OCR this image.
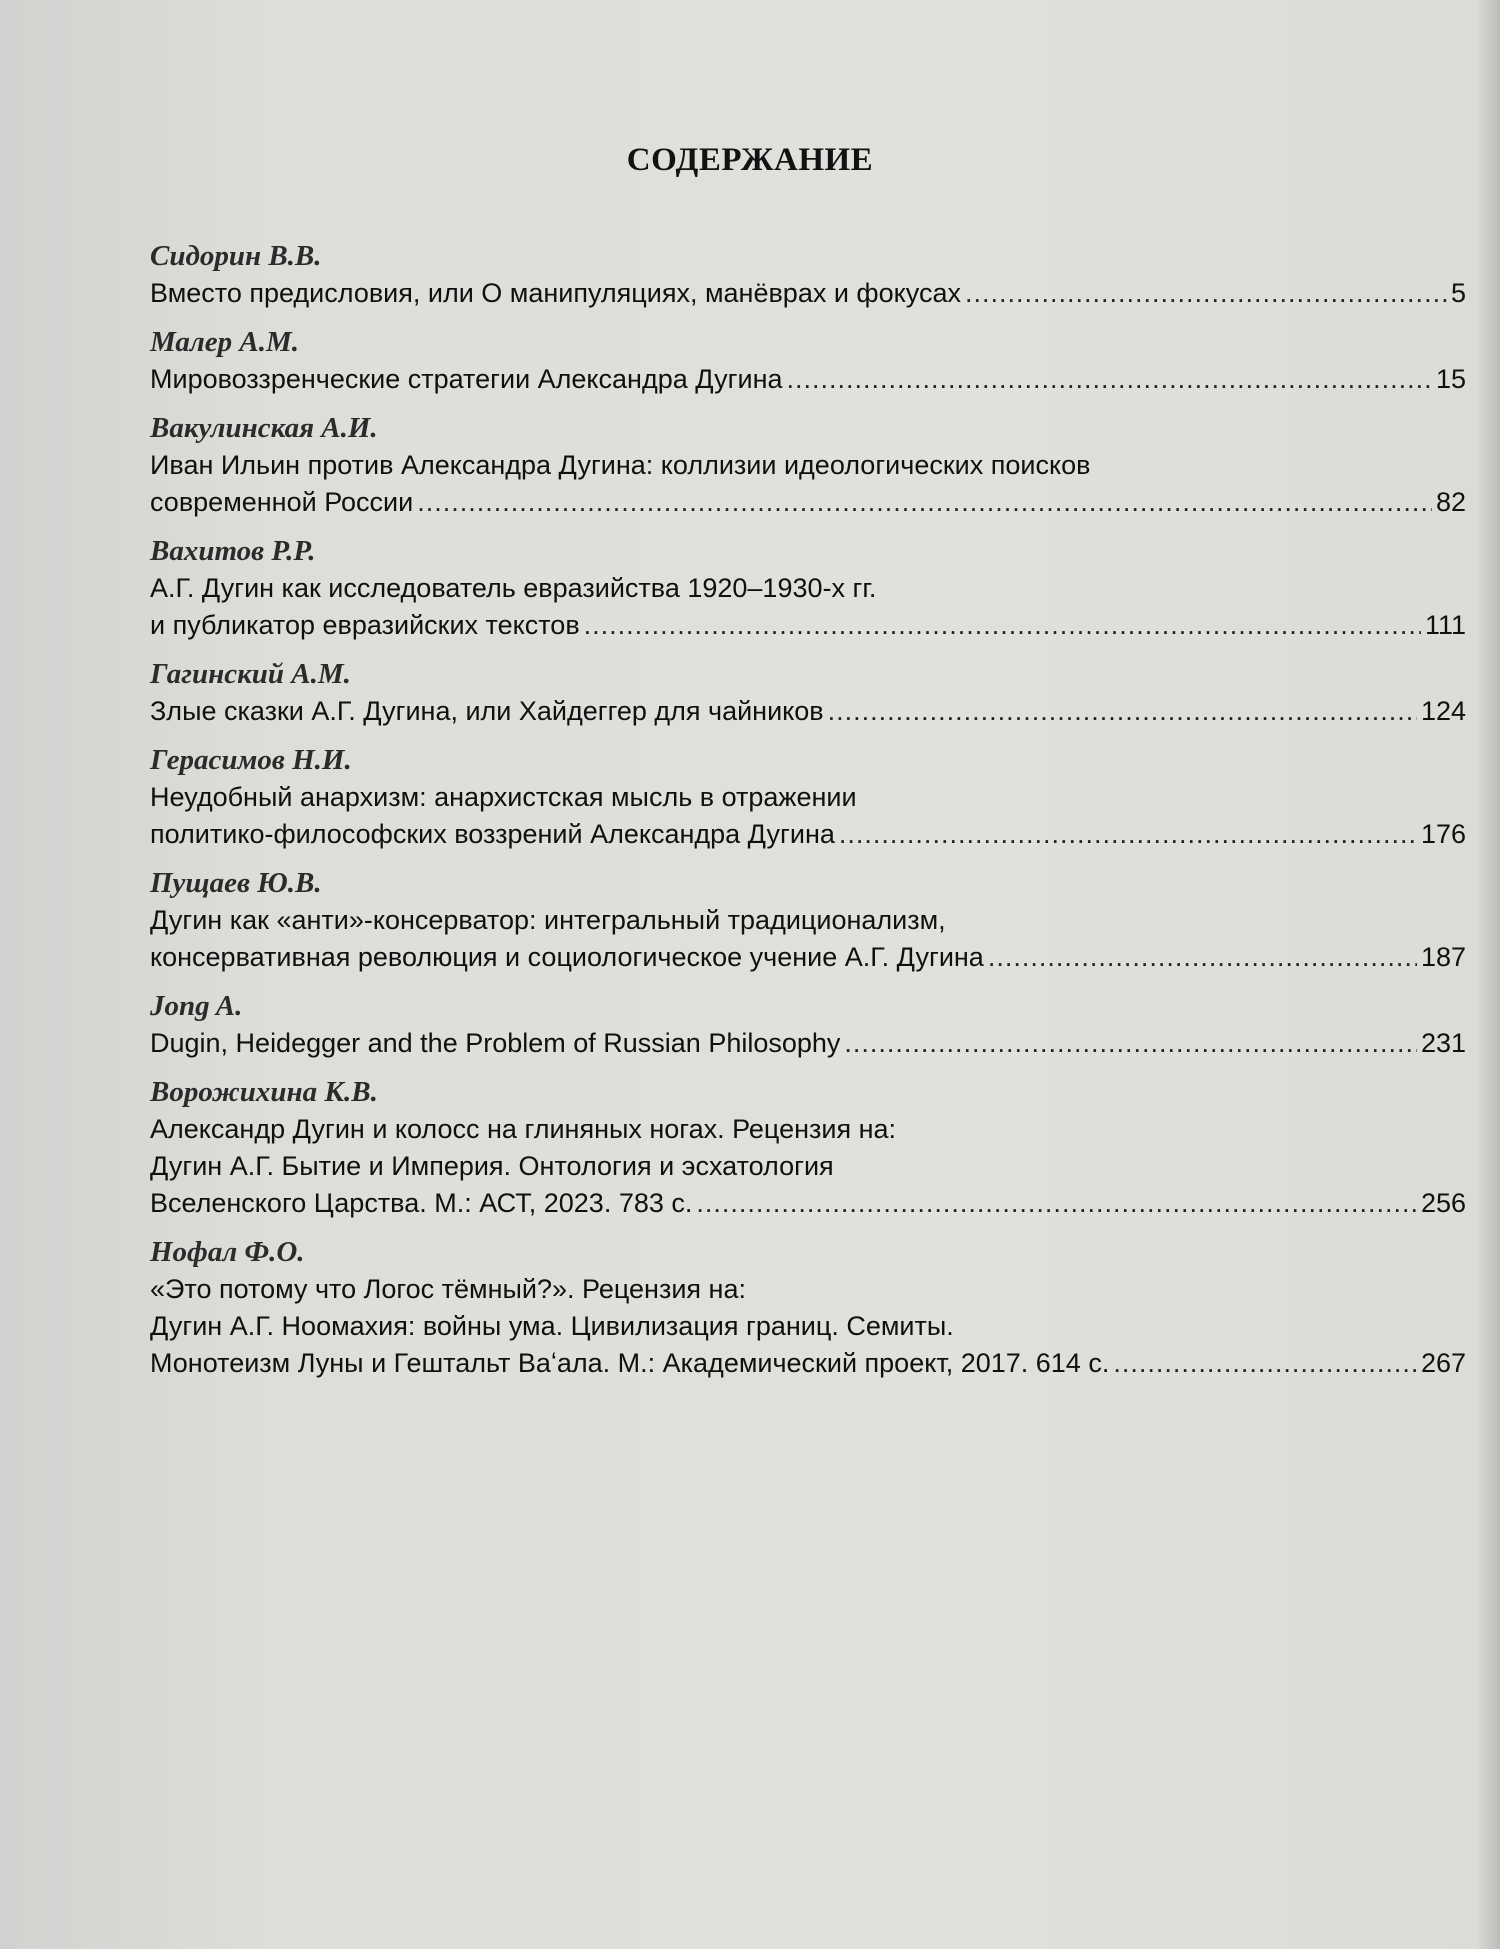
СОДЕРЖАНИЕ
Сидорин В.В.
Вместо предисловия, или О манипуляциях, манёврах и фокусах .....	5
Малер А.М.
Мировоззренческие стратегии Александра Дугина .....	15
Вакулинская А.И.
Иван Ильин против Александра Дугина: коллизии идеологических поисков
современной России .....	82
Вахитов Р.Р.
А.Г. Дугин как исследователь евразийства 1920–1930-х гг.
и публикатор евразийских текстов .....	111
Гагинский А.М.
Злые сказки А.Г. Дугина, или Хайдеггер для чайников .....	124
Герасимов Н.И.
Неудобный анархизм: анархистская мысль в отражении
политико-философских воззрений Александра Дугина .....	176
Пущаев Ю.В.
Дугин как «анти»-консерватор: интегральный традиционализм,
консервативная революция и социологическое учение А.Г. Дугина .....	187
Jong A.
Dugin, Heidegger and the Problem of Russian Philosophy .....	231
Ворожихина К.В.
Александр Дугин и колосс на глиняных ногах. Рецензия на:
Дугин А.Г. Бытие и Империя. Онтология и эсхатология
Вселенского Царства. М.: АСТ, 2023. 783 с. .....	256
Нофал Ф.О.
«Это потому что Логос тёмный?». Рецензия на:
Дугин А.Г. Ноомахия: войны ума. Цивилизация границ. Семиты.
Монотеизм Луны и Гештальт Ваʻала. М.: Академический проект, 2017. 614 с. .....	267
